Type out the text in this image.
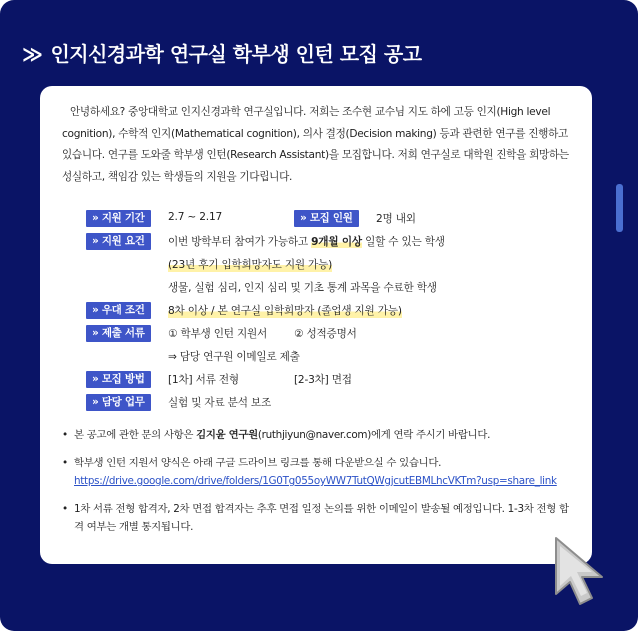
≫ 인지신경과학 연구실 학부생 인턴 모집 공고

안녕하세요? 중앙대학교 인지신경과학 연구실입니다. 저희는 조수현 교수님 지도 하에 고등 인지(High level cognition), 수학적 인지(Mathematical cognition), 의사 결정(Decision making) 등과 관련한 연구를 진행하고 있습니다. 연구를 도와줄 학부생 인턴(Research Assistant)을 모집합니다. 저희 연구실로 대학원 진학을 희망하는 성실하고, 책임감 있는 학생들의 지원을 기다립니다.

» 지원 기간	2.7 ~ 2.17	» 모집 인원	2명 내외
» 지원 요건	이번 방학부터 참여가 가능하고 9개월 이상 일할 수 있는 학생
(23년 후기 입학희망자도 지원 가능)
생물, 실험 심리, 인지 심리 및 기초 통계 과목을 수료한 학생
» 우대 조건	8차 이상 / 본 연구실 입학희망자 (졸업생 지원 가능)
» 제출 서류	① 학부생 인턴 지원서	② 성적증명서
⇒ 담당 연구원 이메일로 제출
» 모집 방법	[1차] 서류 전형	[2-3차] 면접
» 담당 업무	실험 및 자료 분석 보조
• 본 공고에 관한 문의 사항은 김지윤 연구원(ruthjiyun@naver.com)에게 연락 주시기 바랍니다.
• 학부생 인턴 지원서 양식은 아래 구글 드라이브 링크를 통해 다운받으실 수 있습니다.
https://drive.google.com/drive/folders/1G0Tg055oyWW7TutQWgjcutEBMLhcVKTm?usp=share_link
• 1차 서류 전형 합격자, 2차 면접 합격자는 추후 면접 일정 논의를 위한 이메일이 발송될 예정입니다. 1-3차 전형 합격 여부는 개별 통지됩니다.
